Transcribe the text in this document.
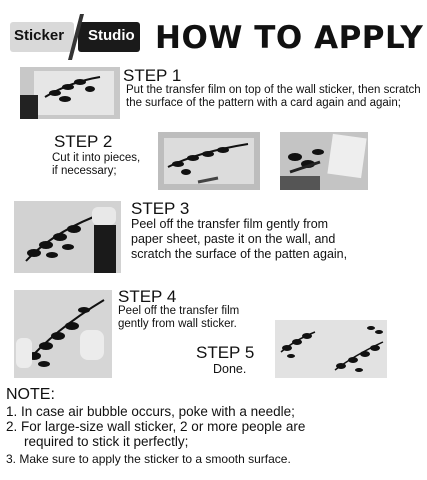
Sticker Studio HOW TO APPLY
STEP 1
Put the transfer film on top of the wall sticker, then scratch
the surface of the pattern with a card again and again;
STEP 2
Cut it into pieces,
if necessary;
STEP 3
Peel off the transfer film gently from
paper sheet, paste it on the wall, and
scratch the surface of the patten again,
STEP 4
Peel off the transfer film
gently from wall sticker.
STEP 5
Done.
NOTE:
1. In case air bubble occurs, poke with a needle;
2. For large-size wall sticker, 2 or more people are
required to stick it perfectly;
3. Make sure to apply the sticker to a smooth surface.
